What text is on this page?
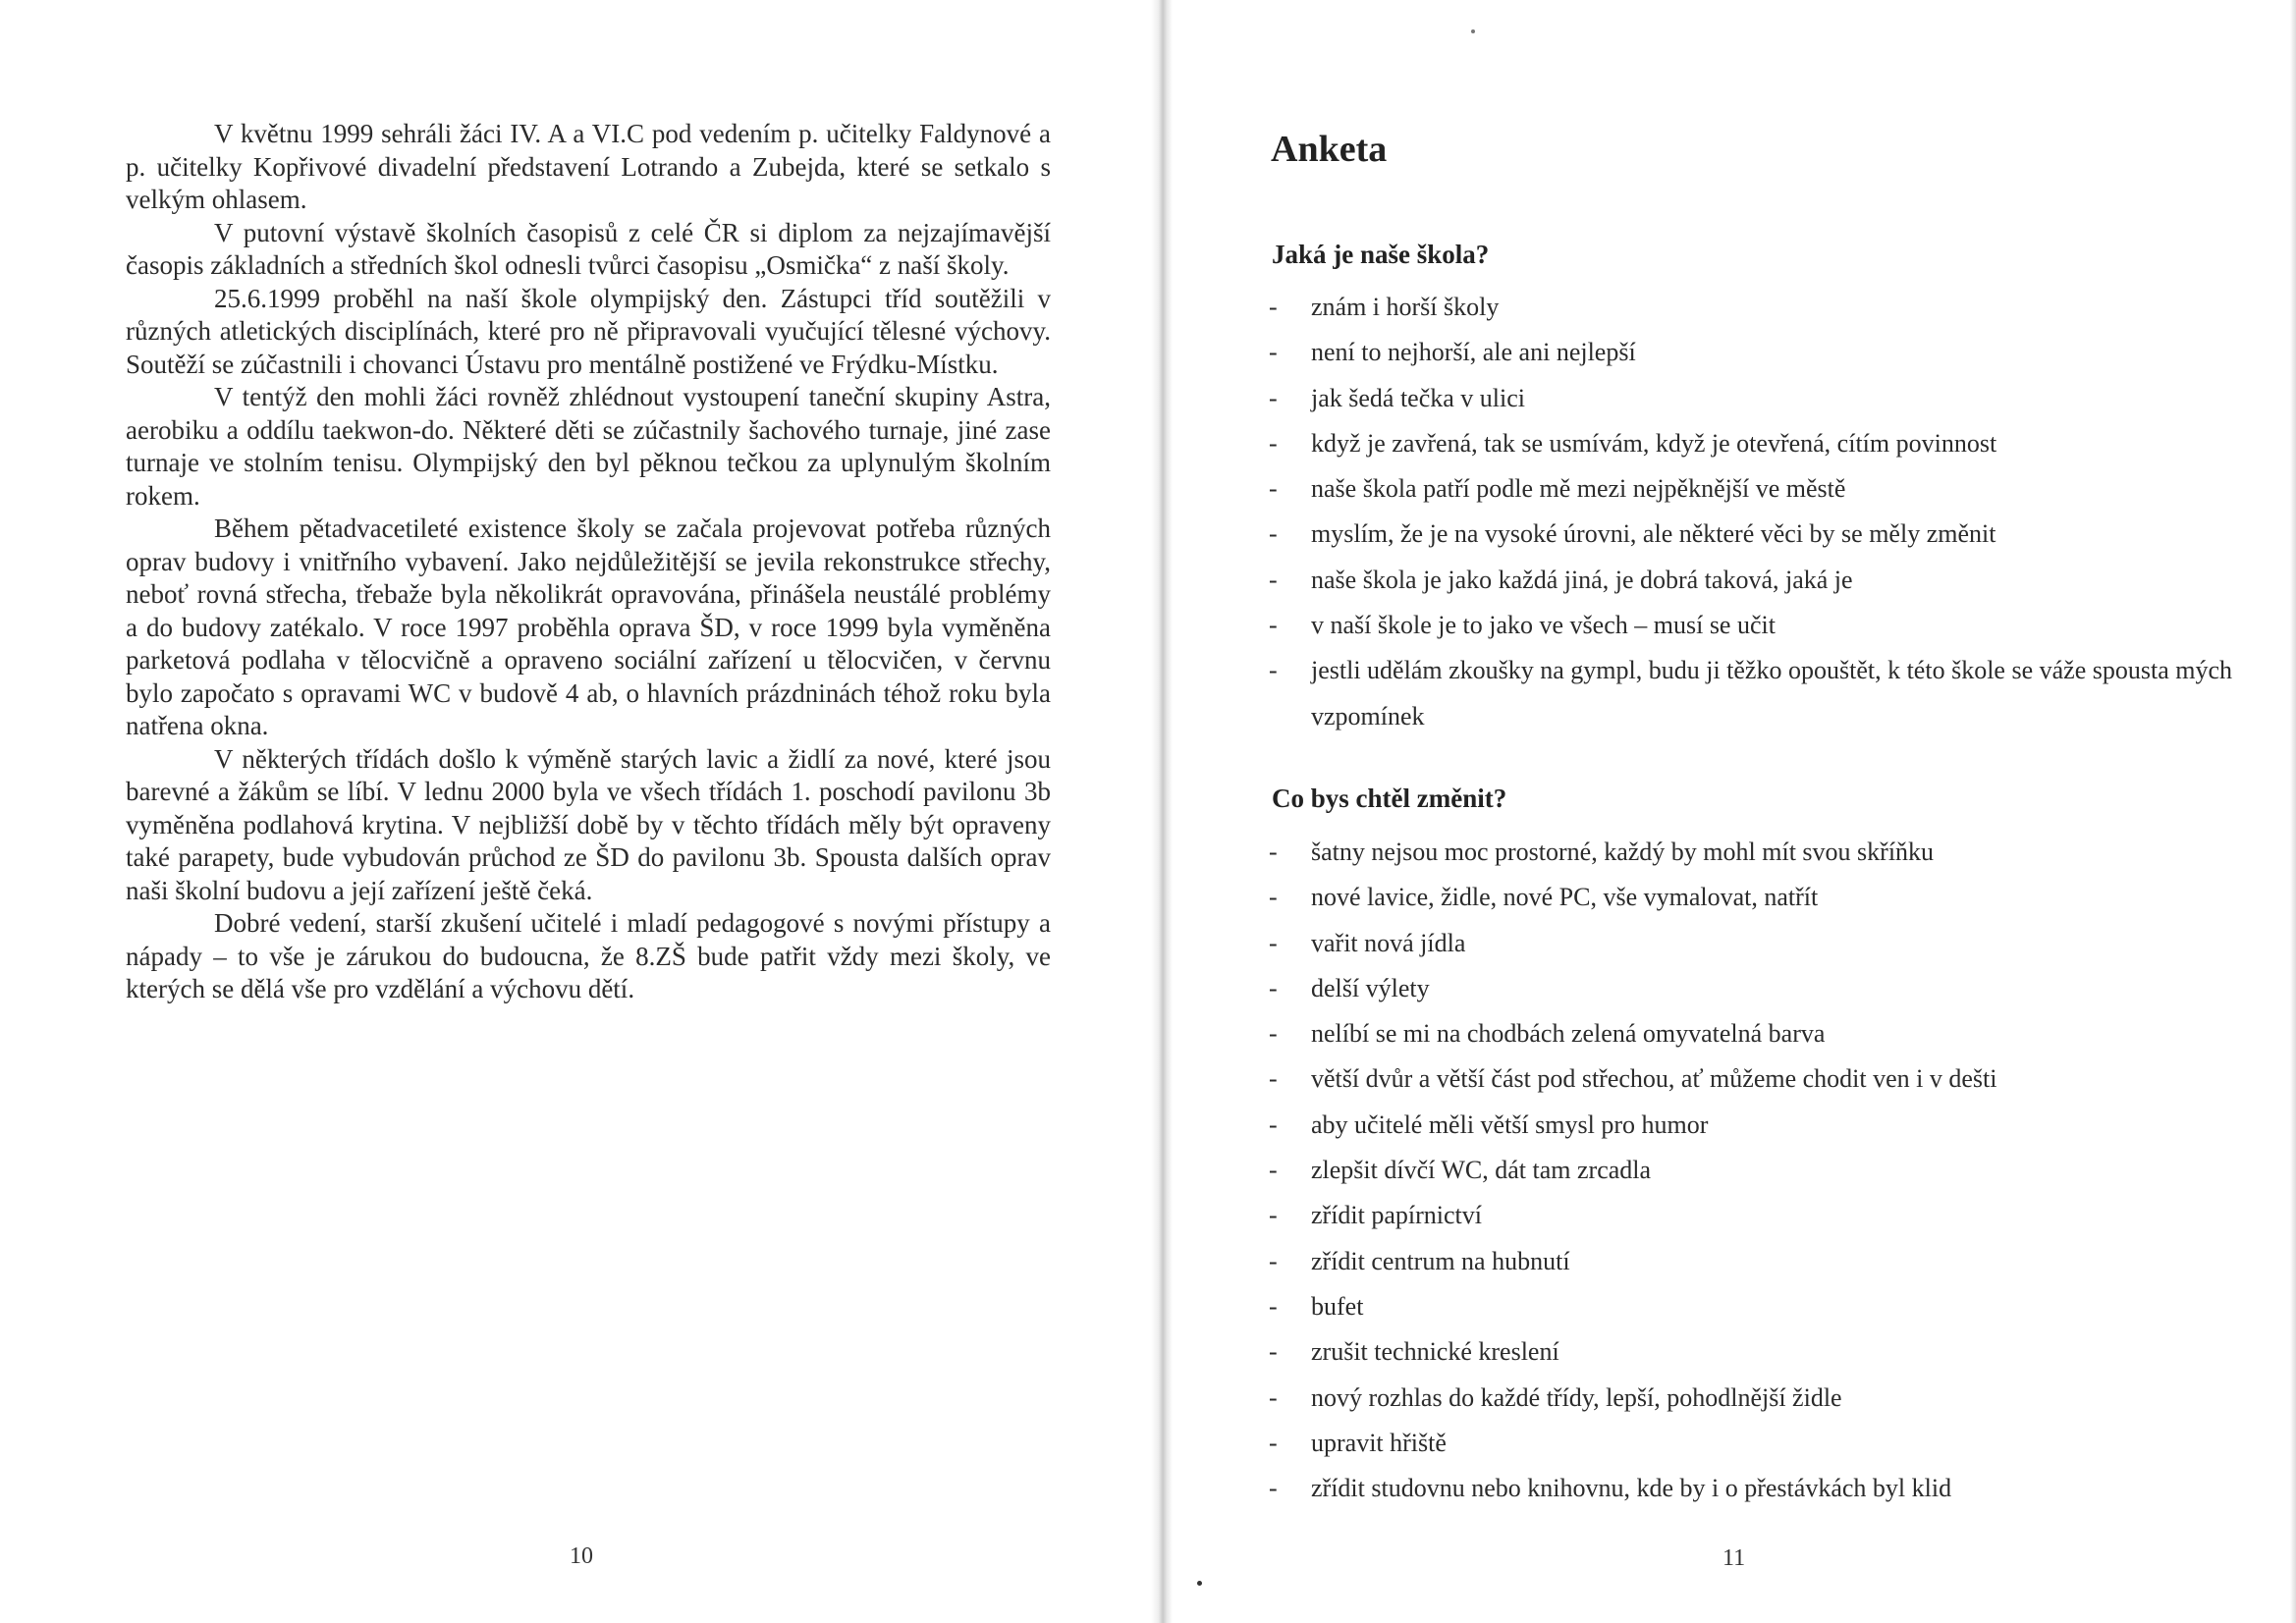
V květnu 1999 sehráli žáci IV. A a VI.C pod vedením p. učitelky Faldynové a p. učitelky Kopřivové divadelní představení Lotrando a Zubejda, které se setkalo s velkým ohlasem.

V putovní výstavě školních časopisů z celé ČR si diplom za nejzajímavější časopis základních a středních škol odnesli tvůrci časopisu „Osmička“ z naší školy.

25.6.1999 proběhl na naší škole olympijský den. Zástupci tříd soutěžili v různých atletických disciplínách, které pro ně připravovali vyučující tělesné výchovy. Soutěží se zúčastnili i chovanci Ústavu pro mentálně postižené ve Frýdku-Místku.

V tentýž den mohli žáci rovněž zhlédnout vystoupení taneční skupiny Astra, aerobiku a oddílu taekwon-do. Některé děti se zúčastnily šachového turnaje, jiné zase turnaje ve stolním tenisu. Olympijský den byl pěknou tečkou za uplynulým školním rokem.

Během pětadvacetileté existence školy se začala projevovat potřeba různých oprav budovy i vnitřního vybavení. Jako nejdůležitější se jevila rekonstrukce střechy, neboť rovná střecha, třebaže byla několikrát opravována, přinášela neustálé problémy a do budovy zatékalo. V roce 1997 proběhla oprava ŠD, v roce 1999 byla vyměněna parketová podlaha v tělocvičně a opraveno sociální zařízení u tělocvičen, v červnu bylo započato s opravami WC v budově 4 ab, o hlavních prázdninách téhož roku byla natřena okna.

V některých třídách došlo k výměně starých lavic a židlí za nové, které jsou barevné a žákům se líbí. V lednu 2000 byla ve všech třídách 1. poschodí pavilonu 3b vyměněna podlahová krytina. V nejbližší době by v těchto třídách měly být opraveny také parapety, bude vybudován průchod ze ŠD do pavilonu 3b. Spousta dalších oprav naši školní budovu a její zařízení ještě čeká.

Dobré vedení, starší zkušení učitelé i mladí pedagogové s novými přístupy a nápady – to vše je zárukou do budoucna, že 8.ZŠ bude patřit vždy mezi školy, ve kterých se dělá vše pro vzdělání a výchovu dětí.

10
Anketa
Jaká je naše škola?
- znám i horší školy
- není to nejhorší, ale ani nejlepší
- jak šedá tečka v ulici
- když je zavřená, tak se usmívám, když je otevřená, cítím povinnost
- naše škola patří podle mě mezi nejpěknější ve městě
- myslím, že je na vysoké úrovni, ale některé věci by se měly změnit
- naše škola je jako každá jiná, je dobrá taková, jaká je
- v naší škole je to jako ve všech – musí se učit
- jestli udělám zkoušky na gympl, budu ji těžko opouštět, k této škole se váže spousta mých vzpomínek
Co bys chtěl změnit?
- šatny nejsou moc prostorné, každý by mohl mít svou skříňku
- nové lavice, židle, nové PC, vše vymalovat, natřít
- vařit nová jídla
- delší výlety
- nelíbí se mi na chodbách zelená omyvatelná barva
- větší dvůr a větší část pod střechou, ať můžeme chodit ven i v dešti
- aby učitelé měli větší smysl pro humor
- zlepšit dívčí WC, dát tam zrcadla
- zřídit papírnictví
- zřídit centrum na hubnutí
- bufet
- zrušit technické kreslení
- nový rozhlas do každé třídy, lepší, pohodlnější židle
- upravit hřiště
- zřídit studovnu nebo knihovnu, kde by i o přestávkách byl klid
11
